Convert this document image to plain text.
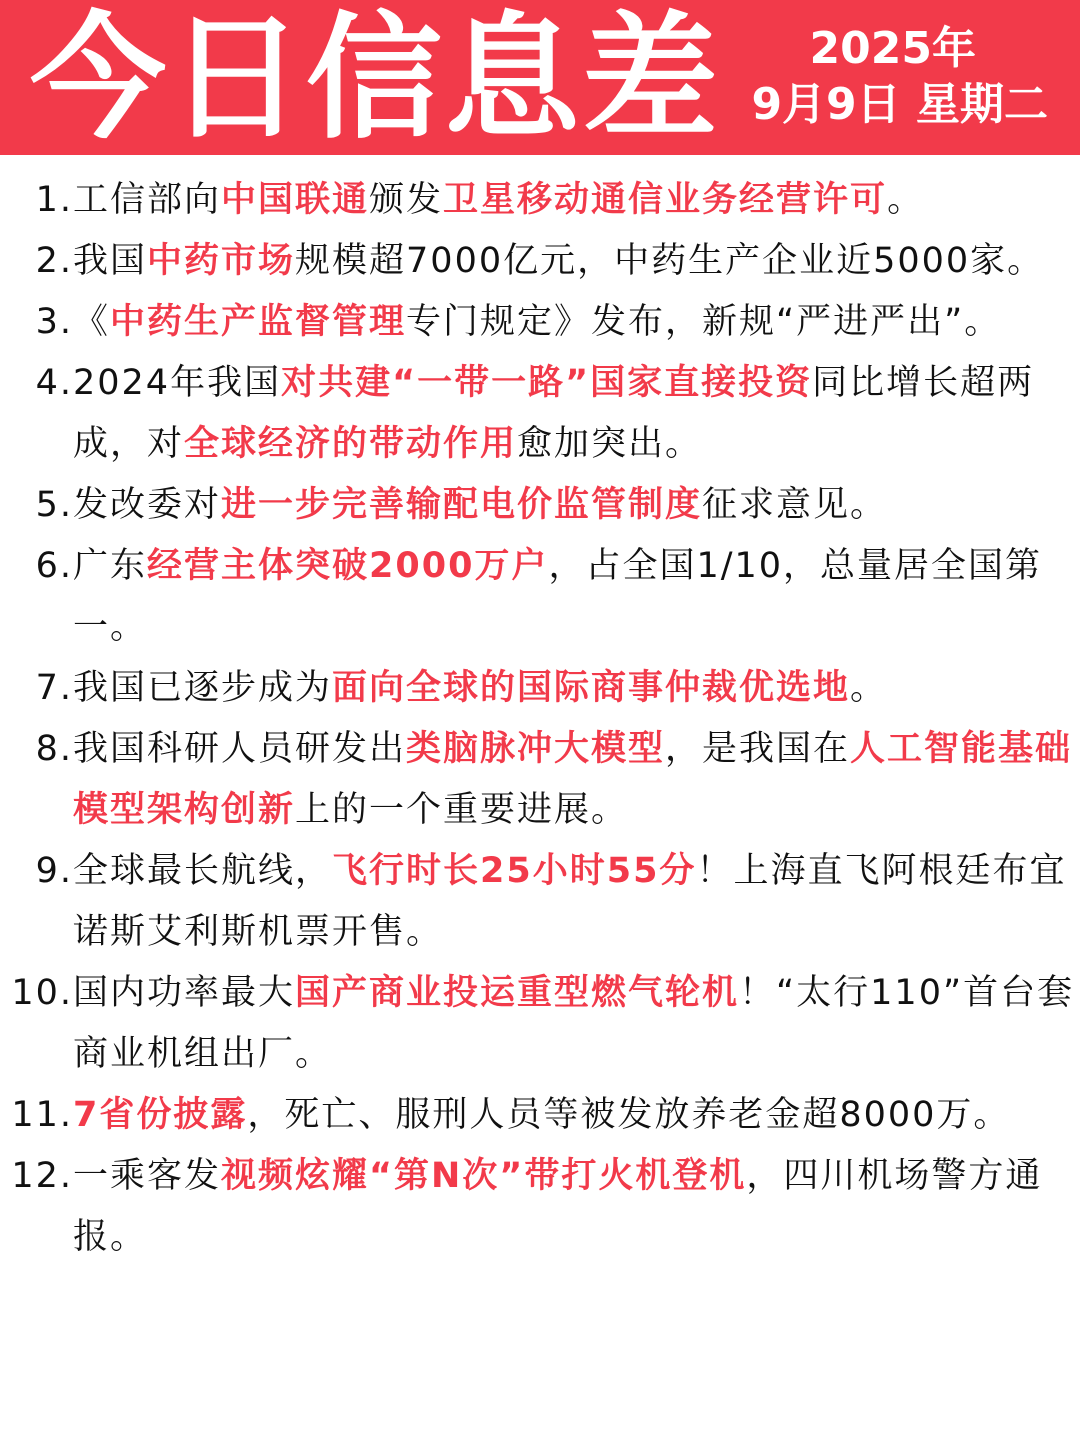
今日信息差	2025年
9月9日 星期二
1. 工信部向中国联通颁发卫星移动通信业务经营许可。
2. 我国中药市场规模超7000亿元，中药生产企业近5000家。
3. 《中药生产监督管理专门规定》发布，新规“严进严出”。
4. 2024年我国对共建“一带一路”国家直接投资同比增长超两成，对全球经济的带动作用愈加突出。
5. 发改委对进一步完善输配电价监管制度征求意见。
6. 广东经营主体突破2000万户，占全国1/10，总量居全国第一。
7. 我国已逐步成为面向全球的国际商事仲裁优选地。
8. 我国科研人员研发出类脑脉冲大模型，是我国在人工智能基础模型架构创新上的一个重要进展。
9. 全球最长航线，飞行时长25小时55分！上海直飞阿根廷布宜诺斯艾利斯机票开售。
10. 国内功率最大国产商业投运重型燃气轮机！“太行110”首台套商业机组出厂。
11. 7省份披露，死亡、服刑人员等被发放养老金超8000万。
12. 一乘客发视频炫耀“第N次”带打火机登机，四川机场警方通报。
